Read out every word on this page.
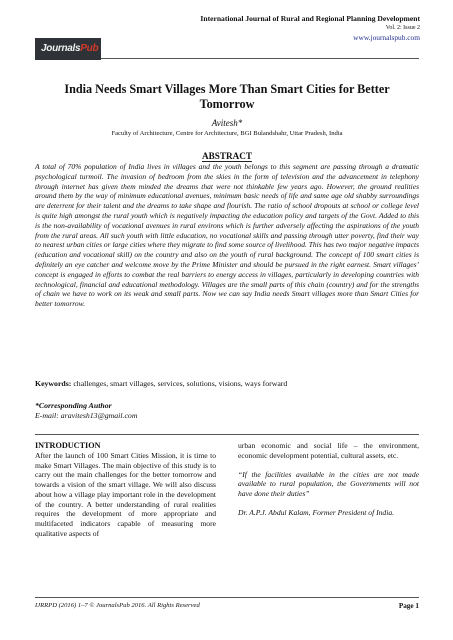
International Journal of Rural and Regional Planning Development
Vol. 2: Issue 2
www.journalspub.com
JournalsPub
India Needs Smart Villages More Than Smart Cities for Better Tomorrow
Avitesh*
Faculty of Architecture, Centre for Architecture, BGI Bulandshahr, Uttar Pradesh, India
ABSTRACT
A total of 70% population of India lives in villages and the youth belongs to this segment are passing through a dramatic psychological turmoil. The invasion of bedroom from the skies in the form of television and the advancement in telephony through internet has given them minded the dreams that were not thinkable few years ago. However, the ground realities around them by the way of minimum educational avenues, minimum basic needs of life and same age old shabby surroundings are deterrent for their talent and the dreams to take shape and flourish. The ratio of school dropouts at school or college level is quite high amongst the rural youth which is negatively impacting the education policy and targets of the Govt. Added to this is the non-availability of vocational avenues in rural environs which is further adversely affecting the aspirations of the youth from the rural areas. All such youth with little education, no vocational skills and passing through utter poverty, find their way to nearest urban cities or large cities where they migrate to find some source of livelihood. This has two major negative impacts (education and vocational skill) on the country and also on the youth of rural background. The concept of 100 smart cities is definitely an eye catcher and welcome move by the Prime Minister and should be pursued in the right earnest. Smart villages’ concept is engaged in efforts to combat the real barriers to energy access in villages, particularly in developing countries with technological, financial and educational methodology. Villages are the small parts of this chain (country) and for the strengths of chain we have to work on its weak and small parts. Now we can say India needs Smart villages more than Smart Cities for better tomorrow.
Keywords: challenges, smart villages, services, solutions, visions, ways forward
*Corresponding Author
E-mail: aravitesh13@gmail.com
INTRODUCTION
After the launch of 100 Smart Cities Mission, it is time to make Smart Villages. The main objective of this study is to carry out the main challenges for the better tomorrow and towards a vision of the smart village. We will also discuss about how a village play important role in the development of the country. A better understanding of rural realities requires the development of more appropriate and multifaceted indicators capable of measuring more qualitative aspects of

urban economic and social life – the environment, economic development potential, cultural assets, etc.

“If the facilities available in the cities are not made available to rural population, the Governments will not have done their duties”

Dr. A.P.J. Abdul Kalam, Former President of India.

IJRRPD (2016) 1–7 © JournalsPub 2016. All Rights Reserved	Page 1
